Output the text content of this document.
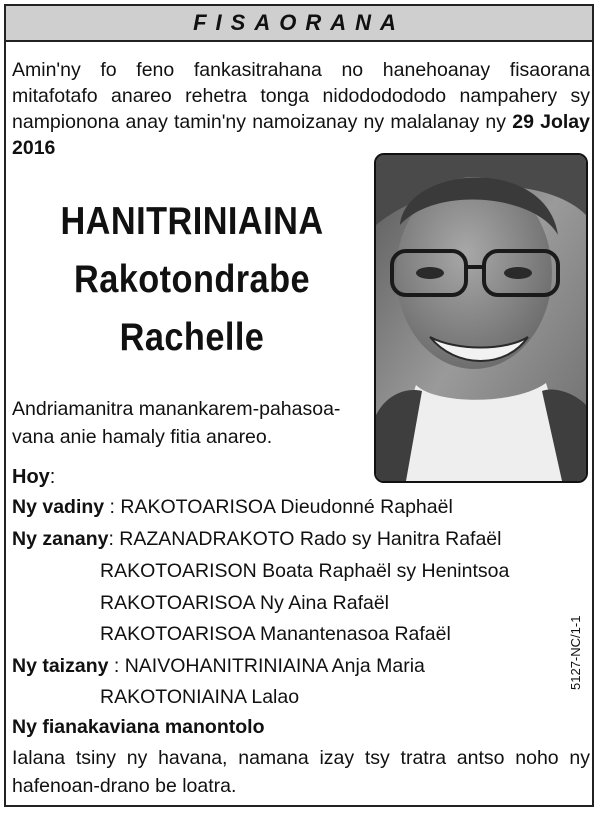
FISAORANA
Amin'ny fo feno fankasitrahana no hanehoanay fisaorana mitafotafo anareo rehetra tonga nidododododo nampahery sy nampionona anay tamin'ny namoizanay ny malalanay ny 29 Jolay 2016
HANITRINIAINA
Rakotondrabe
Rachelle
Andriamanitra manankarem-pahasoa-vana anie hamaly fitia anareo.
Hoy:
Ny vadiny : RAKOTOARISOA Dieudonné Raphaël
Ny zanany: RAZANADRAKOTO Rado sy Hanitra Rafaël
RAKOTOARISON Boata Raphaël sy Henintsoa
RAKOTOARISOA Ny Aina Rafaël
RAKOTOARISOA Manantenasoa Rafaël
Ny taizany : NAIVOHANITRINIAINA Anja Maria
RAKOTONIAINA Lalao
Ny fianakaviana manontolo
Ialana tsiny ny havana, namana izay tsy tratra antso noho ny hafenoan-drano be loatra.
5127-NC/1-1
